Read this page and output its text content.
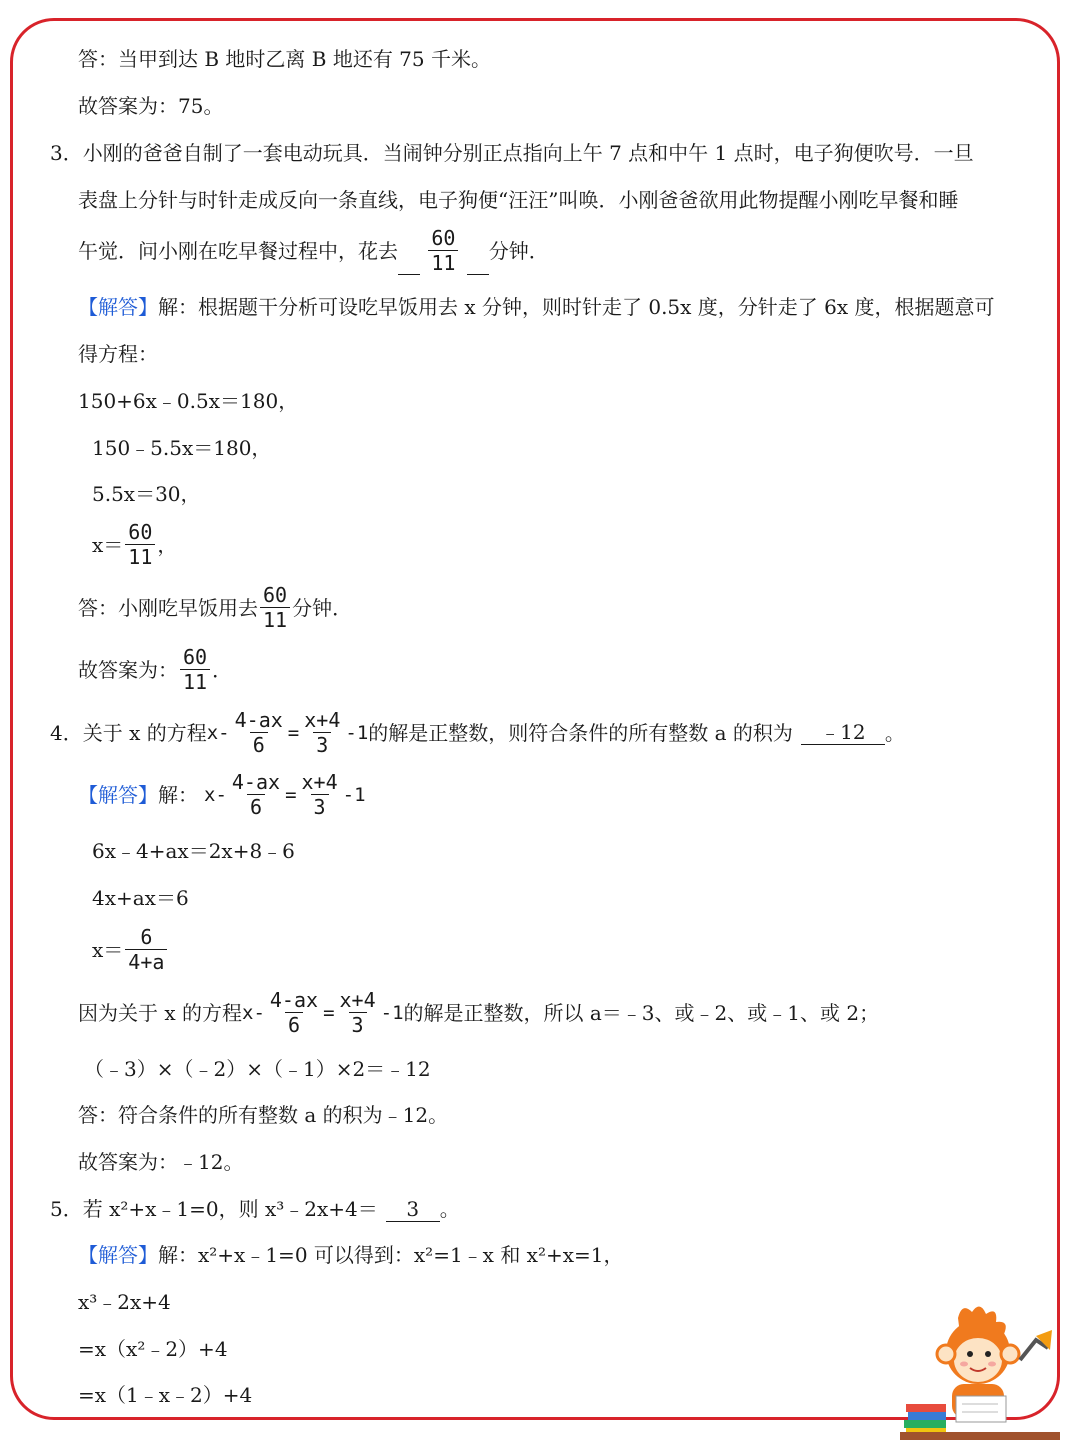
答：当甲到达 B 地时乙离 B 地还有 75 千米。
故答案为：75。
3． 小刚的爸爸自制了一套电动玩具．当闹钟分别正点指向上午 7 点和中午 1 点时，电子狗便吹号．一旦
表盘上分针与时针走成反向一条直线，电子狗便“汪汪”叫唤．小刚爸爸欲用此物提醒小刚吃早餐和睡
午觉．问小刚在吃早餐过程中，花去
$\frac{60}{11}$
分钟．
【解答】 解：根据题干分析可设吃早饭用去 x 分钟，则时针走了 0.5x 度，分针走了 6x 度，根据题意可
得方程：
150+6x﹣0.5x＝180，
150﹣5.5x＝180，
5.5x＝30，
$x= \frac{60}{11}$ ，
答：小刚吃早饭用去 $\frac{60}{11}$ 分钟．
故答案为： $\frac{60}{11}$ ．
4． 关于 x 的方程 $x- \frac{4-ax}{6} = \frac{x+4}{3} -1$ 的解是正整数，则符合条件的所有整数 a 的积为	﹣12 。
【解答】 解： $x- \frac{4-ax}{6} = \frac{x+4}{3} -1$
6x﹣4+ax＝2x+8﹣6
4x+ax＝6
$x= \frac{6}{4+a}$
因为关于 x 的方程 $x- \frac{4-ax}{6} = \frac{x+4}{3} -1$ 的解是正整数，所以 a＝﹣3、或﹣2、或﹣1、或 2；
（﹣3）×（﹣2）×（﹣1）×2＝﹣12
答：符合条件的所有整数 a 的积为﹣12。
故答案为：﹣12。
5． 若 x²+x﹣1=0，则 x³﹣2x+4＝	3	。
【解答】 解：x²+x﹣1=0 可以得到：x²=1﹣x 和 x²+x=1，
x³﹣2x+4
=x（x²﹣2）+4
=x（1﹣x﹣2）+4
